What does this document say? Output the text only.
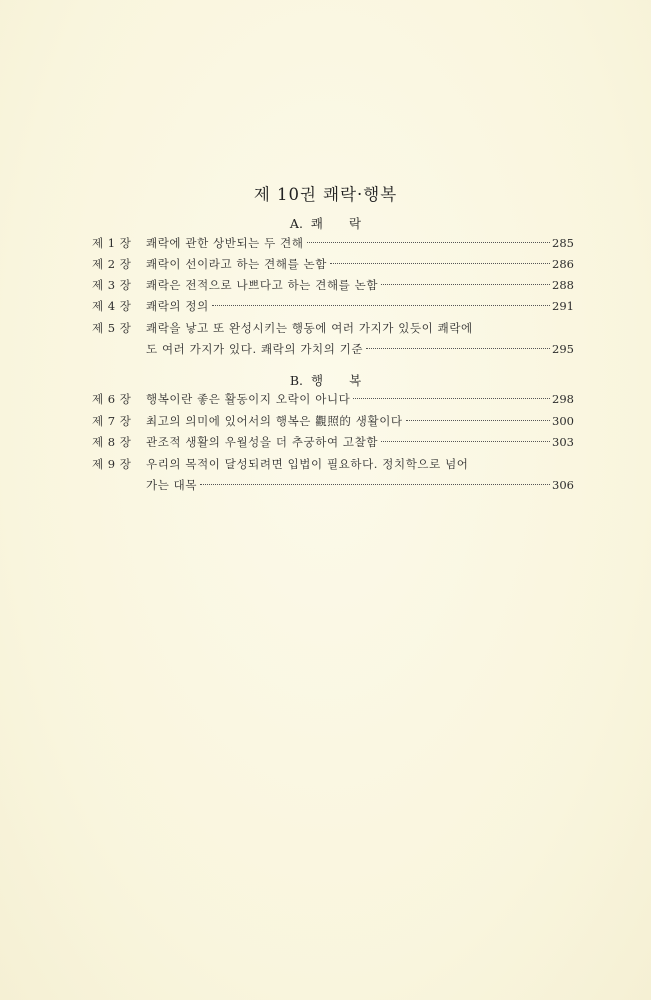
제 10권 쾌락·행복
A. 쾌 락
제 1 장	쾌락에 관한 상반되는 두 견해	285
제 2 장	쾌락이 선이라고 하는 견해를 논함	286
제 3 장	쾌락은 전적으로 나쁘다고 하는 견해를 논함	288
제 4 장	쾌락의 정의	291
제 5 장	쾌락을 낳고 또 완성시키는 행동에 여러 가지가 있듯이 쾌락에
도 여러 가지가 있다. 쾌락의 가치의 기준	295
B. 행 복
제 6 장	행복이란 좋은 활동이지 오락이 아니다	298
제 7 장	최고의 의미에 있어서의 행복은 觀照的 생활이다	300
제 8 장	관조적 생활의 우월성을 더 추궁하여 고찰함	303
제 9 장	우리의 목적이 달성되려면 입법이 필요하다. 정치학으로 넘어
가는 대목	306
